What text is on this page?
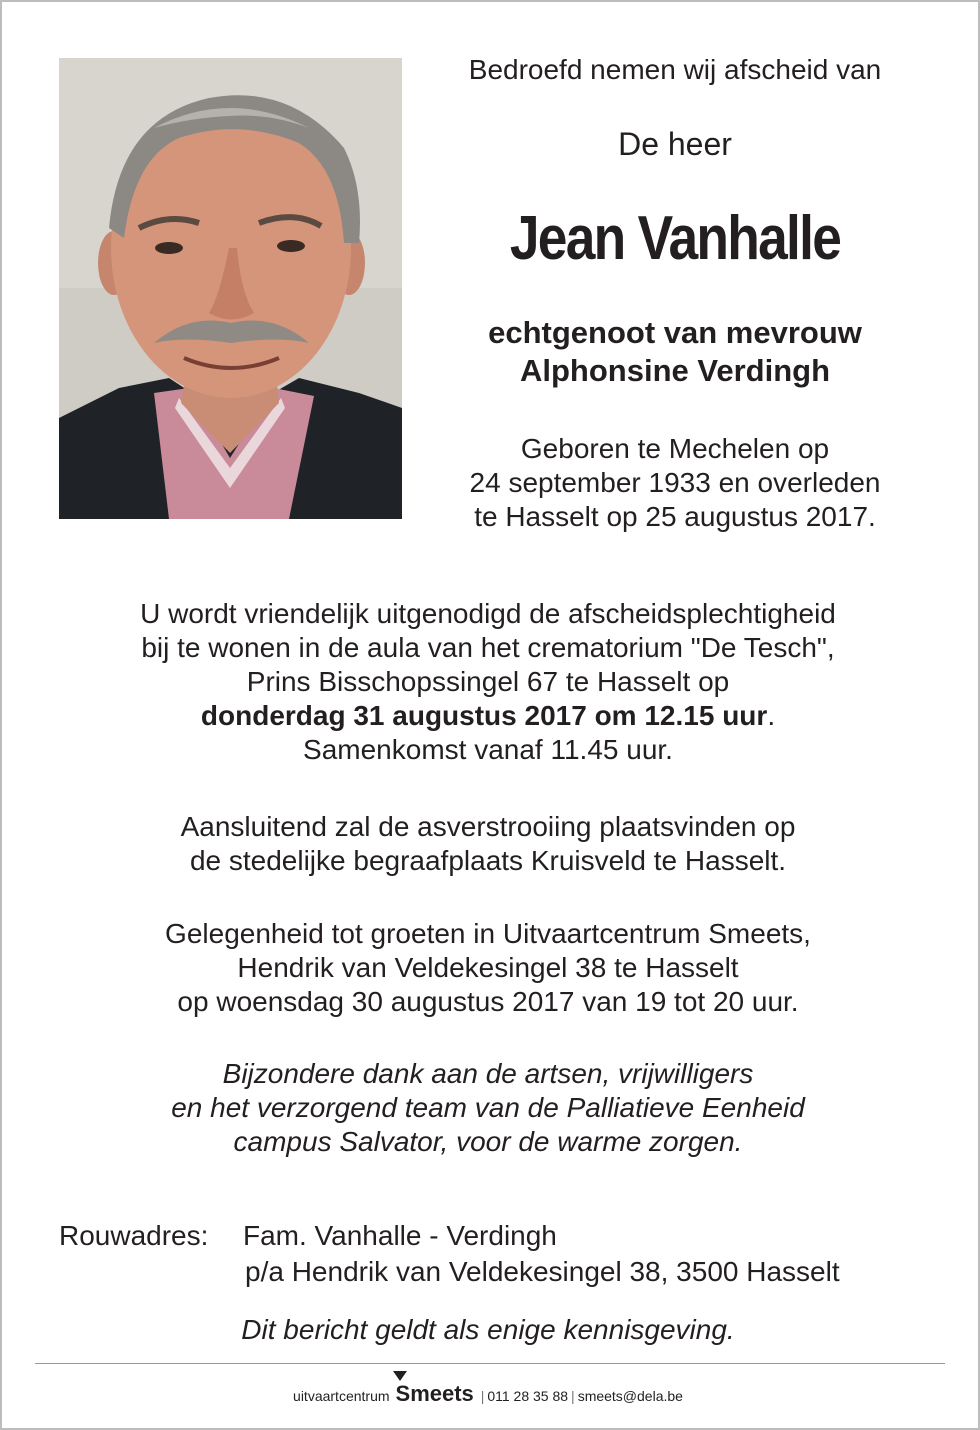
Bedroefd nemen wij afscheid van
De heer
Jean Vanhalle
echtgenoot van mevrouw
Alphonsine Verdingh
Geboren te Mechelen op
24 september 1933 en overleden
te Hasselt op 25 augustus 2017.
U wordt vriendelijk uitgenodigd de afscheidsplechtigheid
bij te wonen in de aula van het crematorium "De Tesch",
Prins Bisschopssingel 67 te Hasselt op
donderdag 31 augustus 2017 om 12.15 uur.
Samenkomst vanaf 11.45 uur.
Aansluitend zal de asverstrooiing plaatsvinden op
de stedelijke begraafplaats Kruisveld te Hasselt.
Gelegenheid tot groeten in Uitvaartcentrum Smeets,
Hendrik van Veldekesingel 38 te Hasselt
op woensdag 30 augustus 2017 van 19 tot 20 uur.
Bijzondere dank aan de artsen, vrijwilligers
en het verzorgend team van de Palliatieve Eenheid
campus Salvator, voor de warme zorgen.
Rouwadres: Fam. Vanhalle - Verdingh
p/a Hendrik van Veldekesingel 38, 3500 Hasselt
Dit bericht geldt als enige kennisgeving.
uitvaartcentrum Smeets | 011 28 35 88 | smeets@dela.be
